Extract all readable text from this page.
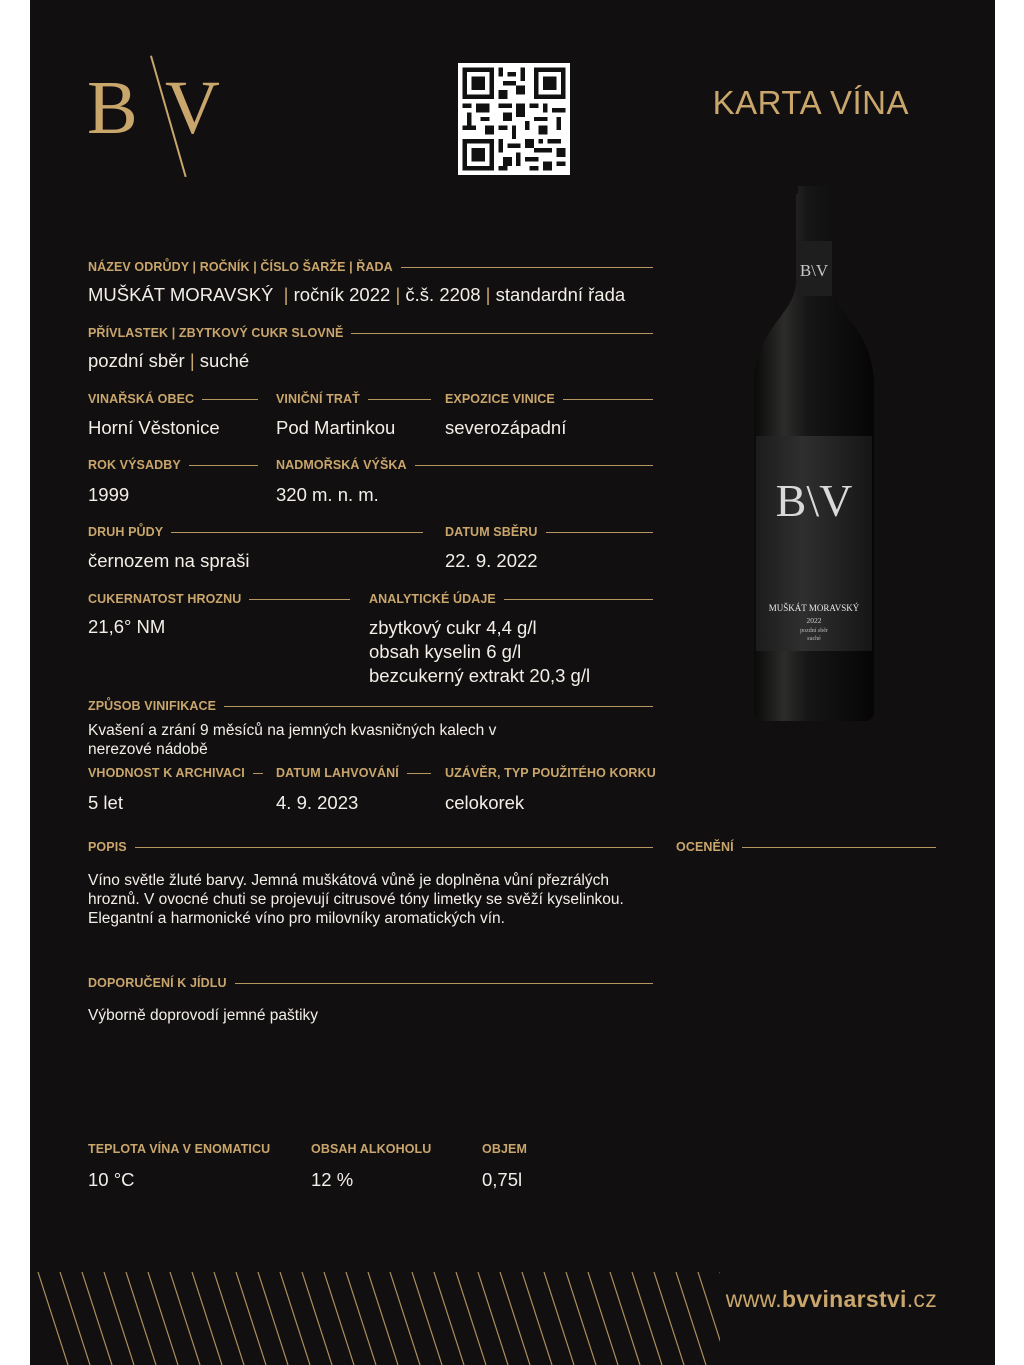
B V	KARTA VÍNA
NÁZEV ODRŮDY | ROČNÍK | ČÍSLO ŠARŽE | ŘADA
MUŠKÁT MORAVSKÝ | ročník 2022 | č.š. 2208 | standardní řada
PŘÍVLASTEK | ZBYTKOVÝ CUKR SLOVNĚ
pozdní sběr | suché
VINAŘSKÁ OBEC
Horní Věstonice
VINIČNÍ TRAŤ
Pod Martinkou
EXPOZICE VINICE
severozápadní
ROK VÝSADBY
1999
NADMOŘSKÁ VÝŠKA
320 m. n. m.
DRUH PŮDY
černozem na spraši
DATUM SBĚRU
22. 9. 2022
CUKERNATOST HROZNU
21,6° NM
ANALYTICKÉ ÚDAJE
zbytkový cukr 4,4 g/l
obsah kyselin 6 g/l
bezcukerný extrakt 20,3 g/l
ZPŮSOB VINIFIKACE
Kvašení a zrání 9 měsíců na jemných kvasničných kalech v nerezové nádobě
VHODNOST K ARCHIVACI
5 let
DATUM LAHVOVÁNÍ
4. 9. 2023
UZÁVĚR, TYP POUŽITÉHO KORKU
celokorek
POPIS
Víno světle žluté barvy. Jemná muškátová vůně je doplněna vůní přezrálých hroznů. V ovocné chuti se projevují citrusové tóny limetky se svěží kyselinkou. Elegantní a harmonické víno pro milovníky aromatických vín.
OCENĚNÍ
DOPORUČENÍ K JÍDLU
Výborně doprovodí jemné paštiky
TEPLOTA VÍNA V ENOMATICU
10 °C
OBSAH ALKOHOLU
12 %
OBJEM
0,75l
B\V
B\V
MUŠKÁT MORAVSKÝ
2022
pozdní sběr
suché
www.bvvinarstvi.cz
